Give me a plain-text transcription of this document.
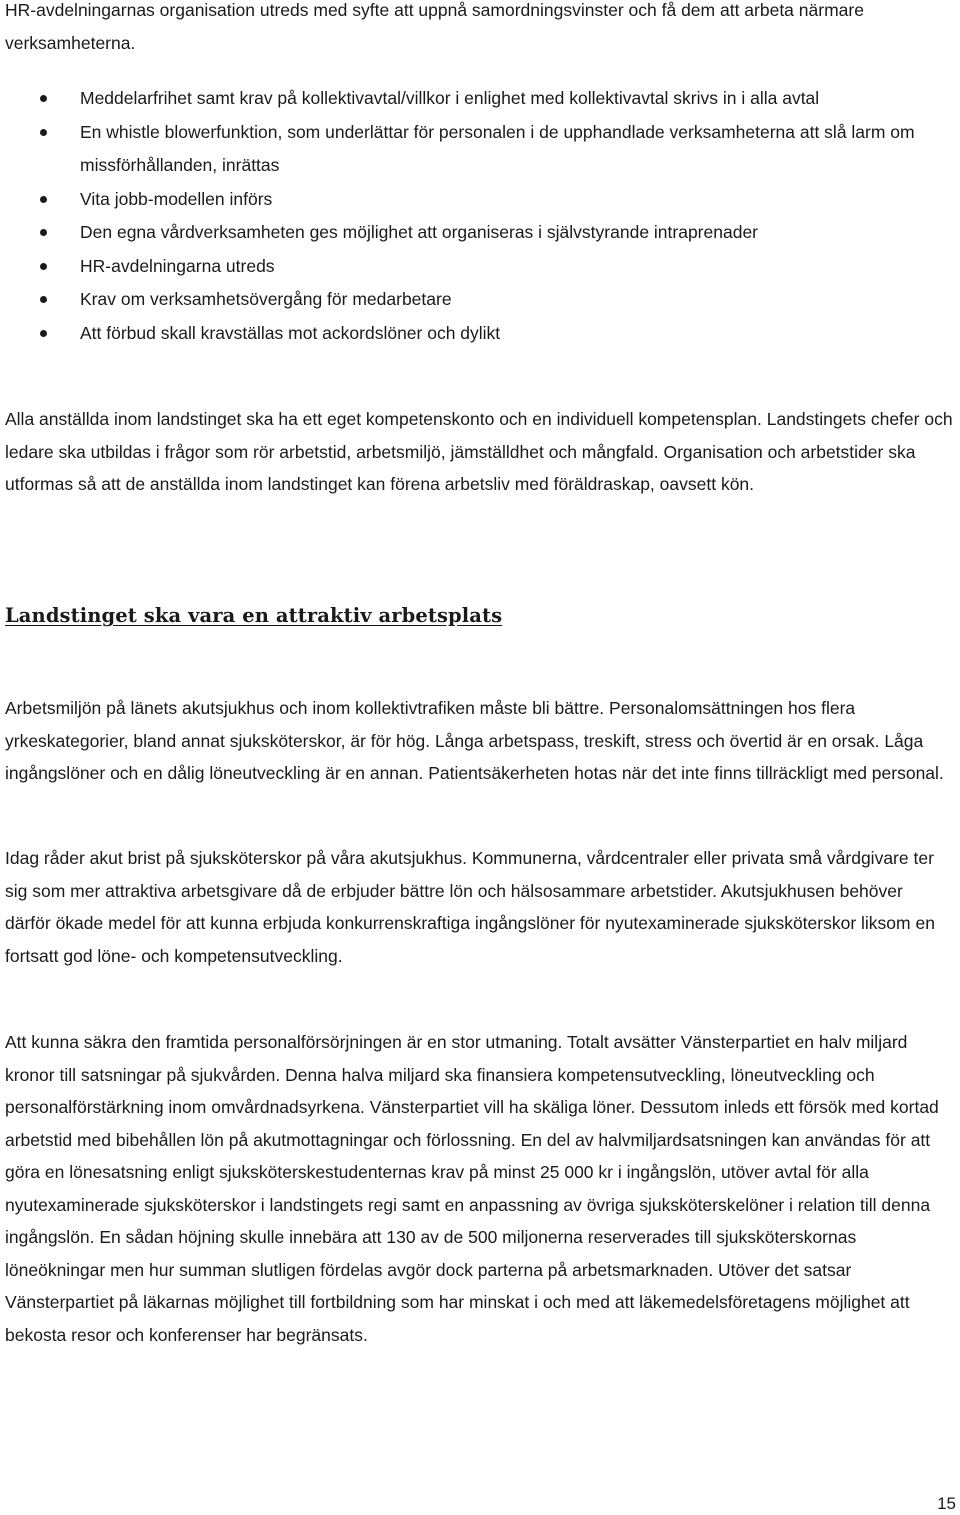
HR-avdelningarnas organisation utreds med syfte att uppnå samordningsvinster och få dem att arbeta närmare verksamheterna.

Meddelarfrihet samt krav på kollektivavtal/villkor i enlighet med kollektivavtal skrivs in i alla avtal
En whistle blowerfunktion, som underlättar för personalen i de upphandlade verksamheterna att slå larm om missförhållanden, inrättas
Vita jobb-modellen införs
Den egna vårdverksamheten ges möjlighet att organiseras i självstyrande intraprenader
HR-avdelningarna utreds
Krav om verksamhetsövergång för medarbetare
Att förbud skall kravställas mot ackordslöner och dylikt

Alla anställda inom landstinget ska ha ett eget kompetenskonto och en individuell kompetensplan. Landstingets chefer och ledare ska utbildas i frågor som rör arbetstid, arbetsmiljö, jämställdhet och mångfald. Organisation och arbetstider ska utformas så att de anställda inom landstinget kan förena arbetsliv med föräldraskap, oavsett kön.

Landstinget ska vara en attraktiv arbetsplats

Arbetsmiljön på länets akutsjukhus och inom kollektivtrafiken måste bli bättre. Personalomsättningen hos flera yrkeskategorier, bland annat sjuksköterskor, är för hög. Långa arbetspass, treskift, stress och övertid är en orsak. Låga ingångslöner och en dålig löneutveckling är en annan. Patientsäkerheten hotas när det inte finns tillräckligt med personal.

Idag råder akut brist på sjuksköterskor på våra akutsjukhus. Kommunerna, vårdcentraler eller privata små vårdgivare ter sig som mer attraktiva arbetsgivare då de erbjuder bättre lön och hälsosammare arbetstider. Akutsjukhusen behöver därför ökade medel för att kunna erbjuda konkurrenskraftiga ingångslöner för nyutexaminerade sjuksköterskor liksom en fortsatt god löne- och kompetensutveckling.

Att kunna säkra den framtida personalförsörjningen är en stor utmaning. Totalt avsätter Vänsterpartiet en halv miljard kronor till satsningar på sjukvården. Denna halva miljard ska finansiera kompetensutveckling, löneutveckling och personalförstärkning inom omvårdnadsyrkena. Vänsterpartiet vill ha skäliga löner. Dessutom inleds ett försök med kortad arbetstid med bibehållen lön på akutmottagningar och förlossning. En del av halvmiljardsatsningen kan användas för att göra en lönesatsning enligt sjuksköterskestudenternas krav på minst 25 000 kr i ingångslön, utöver avtal för alla nyutexaminerade sjuksköterskor i landstingets regi samt en anpassning av övriga sjuksköterskelöner i relation till denna ingångslön. En sådan höjning skulle innebära att 130 av de 500 miljonerna reserverades till sjuksköterskornas löneökningar men hur summan slutligen fördelas avgör dock parterna på arbetsmarknaden. Utöver det satsar Vänsterpartiet på läkarnas möjlighet till fortbildning som har minskat i och med att läkemedelsföretagens möjlighet att bekosta resor och konferenser har begränsats.

15
